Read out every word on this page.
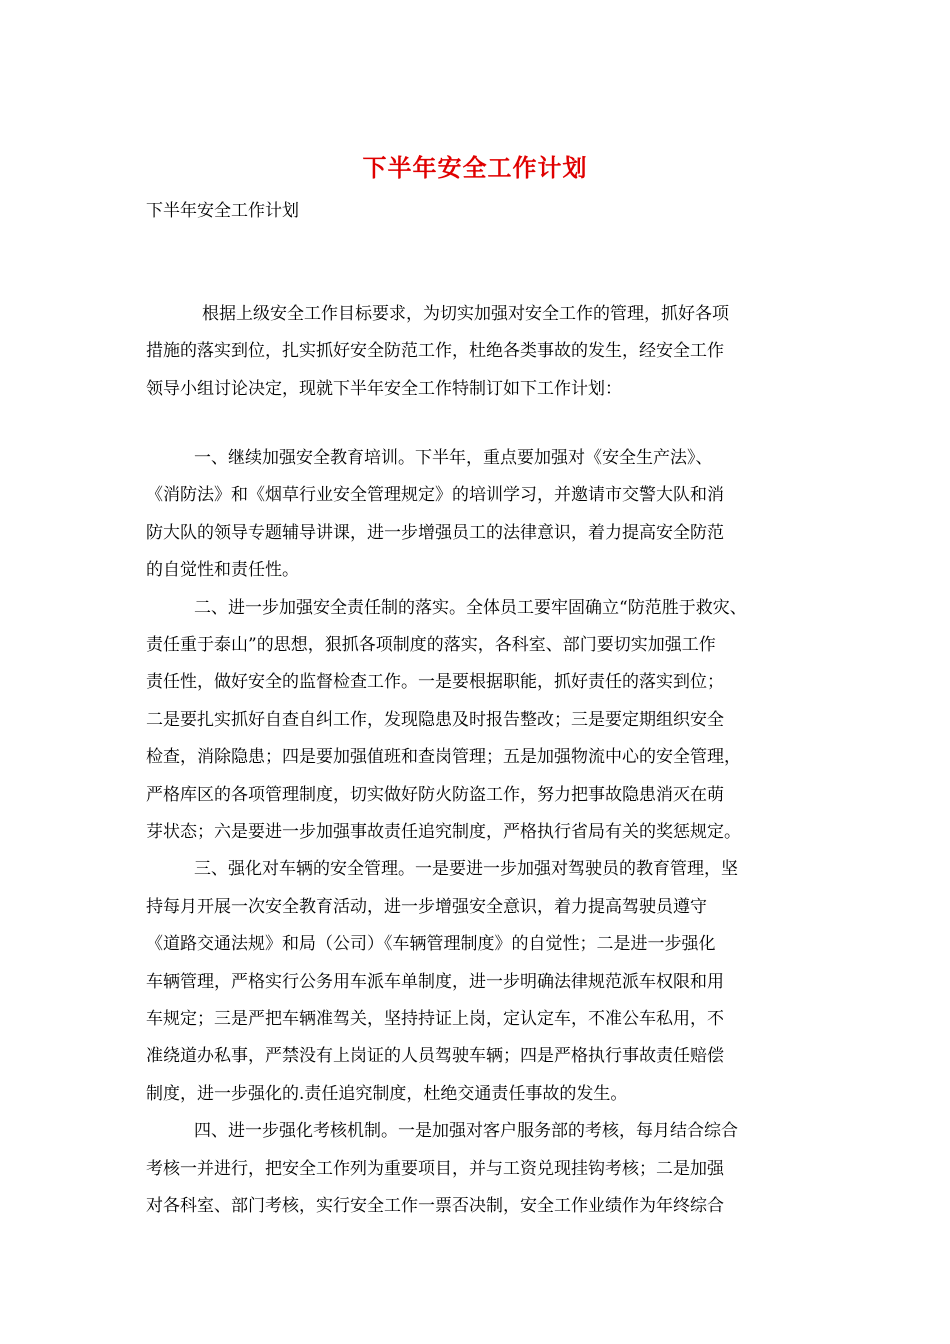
下半年安全工作计划
下半年安全工作计划
根据上级安全工作目标要求，为切实加强对安全工作的管理，抓好各项
措施的落实到位，扎实抓好安全防范工作，杜绝各类事故的发生，经安全工作
领导小组讨论决定，现就下半年安全工作特制订如下工作计划：
一、继续加强安全教育培训。下半年，重点要加强对《安全生产法》、
《消防法》和《烟草行业安全管理规定》的培训学习，并邀请市交警大队和消
防大队的领导专题辅导讲课，进一步增强员工的法律意识，着力提高安全防范
的自觉性和责任性。
二、进一步加强安全责任制的落实。全体员工要牢固确立“防范胜于救灾、
责任重于泰山”的思想，狠抓各项制度的落实，各科室、部门要切实加强工作
责任性，做好安全的监督检查工作。一是要根据职能，抓好责任的落实到位；
二是要扎实抓好自查自纠工作，发现隐患及时报告整改；三是要定期组织安全
检查，消除隐患；四是要加强值班和查岗管理；五是加强物流中心的安全管理，
严格库区的各项管理制度，切实做好防火防盗工作，努力把事故隐患消灭在萌
芽状态；六是要进一步加强事故责任追究制度，严格执行省局有关的奖惩规定。
三、强化对车辆的安全管理。一是要进一步加强对驾驶员的教育管理，坚
持每月开展一次安全教育活动，进一步增强安全意识，着力提高驾驶员遵守
《道路交通法规》和局（公司）《车辆管理制度》的自觉性；二是进一步强化
车辆管理，严格实行公务用车派车单制度，进一步明确法律规范派车权限和用
车规定；三是严把车辆准驾关，坚持持证上岗，定认定车，不准公车私用，不
准绕道办私事，严禁没有上岗证的人员驾驶车辆；四是严格执行事故责任赔偿
制度，进一步强化的.责任追究制度，杜绝交通责任事故的发生。
四、进一步强化考核机制。一是加强对客户服务部的考核，每月结合综合
考核一并进行，把安全工作列为重要项目，并与工资兑现挂钩考核；二是加强
对各科室、部门考核，实行安全工作一票否决制，安全工作业绩作为年终综合
